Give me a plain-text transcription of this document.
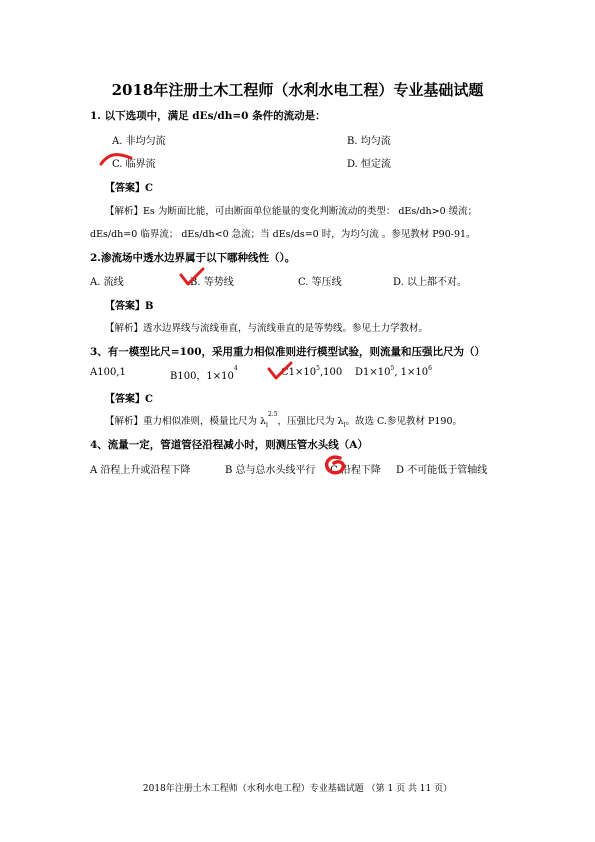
2018年注册土木工程师（水利水电工程）专业基础试题
1. 以下选项中，满足 dEs/dh=0 条件的流动是：
A. 非均匀流	B. 均匀流
C. 临界流	D. 恒定流
【答案】C
【解析】Es 为断面比能，可由断面单位能量的变化判断流动的类型： dEs/dh>0 缓流；
dEs/dh=0 临界流； dEs/dh<0 急流；当 dEs/ds=0 时，为均匀流 。参见教材 P90-91。
2.渗流场中透水边界属于以下哪种线性（）。
A. 流线	B. 等势线	C. 等压线	D. 以上都不对。
【答案】B
【解析】透水边界线与流线垂直，与流线垂直的是等势线。参见土力学教材。
3、有一模型比尺=100，采用重力相似准则进行模型试验，则流量和压强比尺为（）
A100,1	B100，$1\times 10^4$	$C1\times 10^5,100$ $D1\times 10^5$, $1\times 10^6$
【答案】C
【解析】重力相似准则，模量比尺为 $\lambda_l^{2.5}$，压强比尺为 $\lambda_l$。故选 C.参见教材 P190。
4、流量一定，管道管径沿程减小时，则测压管水头线（A）
A 沿程上升或沿程下降	B 总与总水头线平行 C 沿程下降 D 不可能低于管轴线
2018年注册土木工程师（水利水电工程）专业基础试题 （第 1 页 共 11 页）
